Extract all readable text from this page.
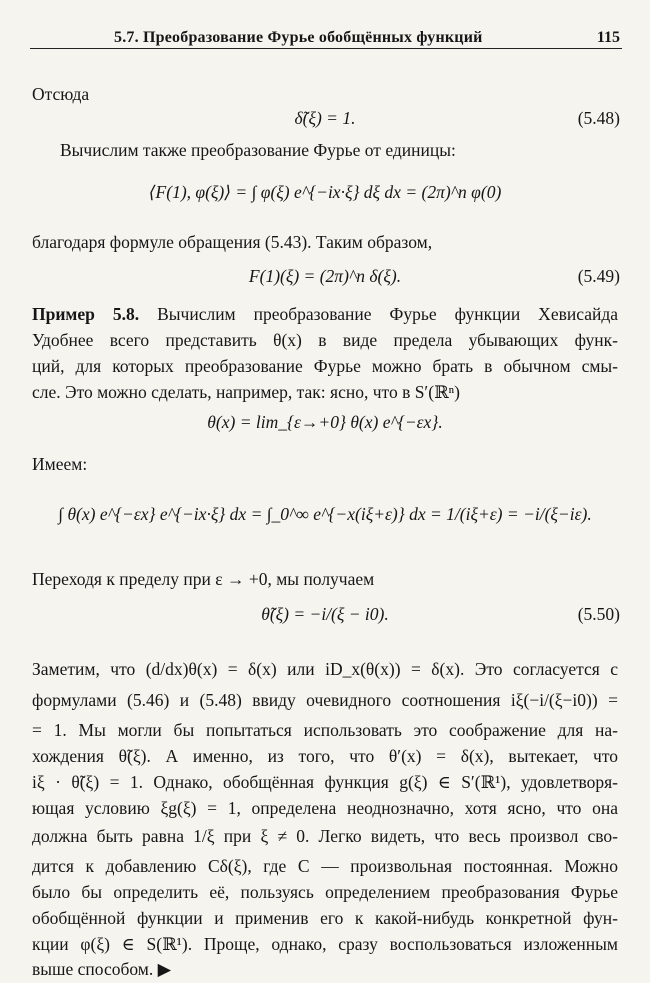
5.7. Преобразование Фурье обобщённых функций	115
Отсюда
δ̃(ξ) = 1.	(5.48)
Вычислим также преобразование Фурье от единицы:
⟨F(1), φ(ξ)⟩ = ∫ φ(ξ) e^{−ix·ξ} dξ dx = (2π)^n φ(0)
благодаря формуле обращения (5.43). Таким образом,
F(1)(ξ) = (2π)^n δ(ξ).	(5.49)
Пример 5.8. Вычислим преобразование Фурье функции Хевисайда
Удобнее всего представить θ(x) в виде предела убывающих функ-
ций, для которых преобразование Фурье можно брать в обычном смы-
сле. Это можно сделать, например, так: ясно, что в S′(ℝⁿ)
θ(x) = lim_{ε→+0} θ(x) e^{−εx}.
Имеем:
∫ θ(x) e^{−εx} e^{−ix·ξ} dx = ∫_0^∞ e^{−x(iξ+ε)} dx = 1/(iξ+ε) = −i/(ξ−iε).
Переходя к пределу при ε → +0, мы получаем
θ̃(ξ) = −i/(ξ − i0).	(5.50)
Заметим, что (d/dx)θ(x) = δ(x) или iD_x(θ(x)) = δ(x). Это согласуется с
формулами (5.46) и (5.48) ввиду очевидного соотношения iξ(−i/(ξ−i0)) =
= 1. Мы могли бы попытаться использовать это соображение для на-
хождения θ̃(ξ). А именно, из того, что θ′(x) = δ(x), вытекает, что
iξ · θ̃(ξ) = 1. Однако, обобщённая функция g(ξ) ∈ S′(ℝ¹), удовлетворя-
ющая условию ξg(ξ) = 1, определена неоднозначно, хотя ясно, что она
должна быть равна 1/ξ при ξ ≠ 0. Легко видеть, что весь произвол сво-
дится к добавлению Cδ(ξ), где C — произвольная постоянная. Можно
было бы определить её, пользуясь определением преобразования Фурье
обобщённой функции и применив его к какой-нибудь конкретной фун-
кции φ(ξ) ∈ S(ℝ¹). Проще, однако, сразу воспользоваться изложенным
выше способом. ▶
